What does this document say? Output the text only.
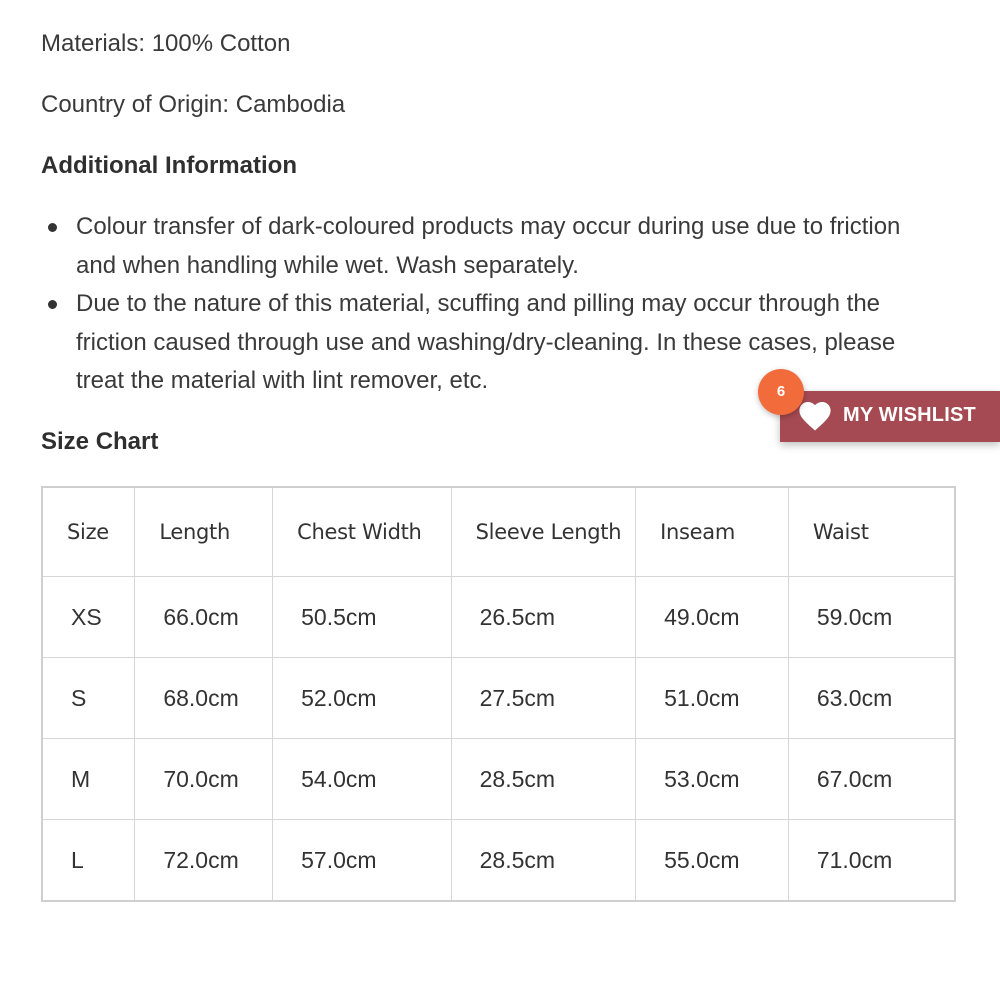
Materials: 100% Cotton
Country of Origin: Cambodia
Additional Information
Colour transfer of dark-coloured products may occur during use due to friction and when handling while wet. Wash separately.
Due to the nature of this material, scuffing and pilling may occur through the friction caused through use and washing/dry-cleaning. In these cases, please treat the material with lint remover, etc.
Size Chart
Size	Length	Chest Width	Sleeve Length	Inseam	Waist
XS	66.0cm	50.5cm	26.5cm	49.0cm	59.0cm
S	68.0cm	52.0cm	27.5cm	51.0cm	63.0cm
M	70.0cm	54.0cm	28.5cm	53.0cm	67.0cm
L	72.0cm	57.0cm	28.5cm	55.0cm	71.0cm
MY WISHLIST
6
